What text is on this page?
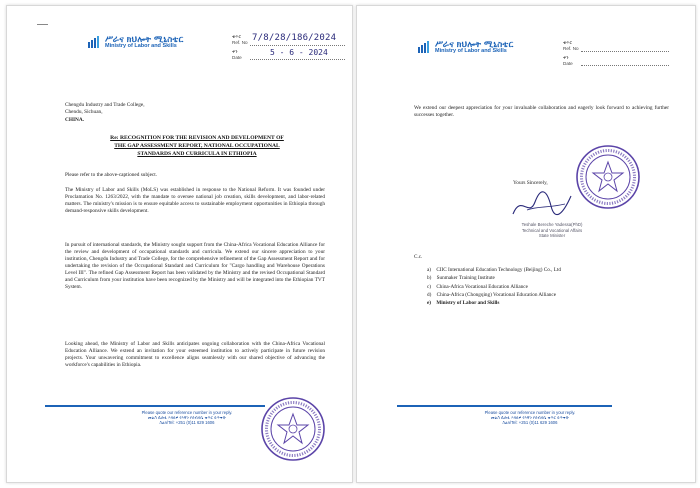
ሥራና ክህሎት ሚኒስቴር
Ministry of Labor and Skills
ቁጥር
Ref. No 7/8/28/186/2024
ቀን
Date
5 - 6 - 2024
Chengdu Industry and Trade College,
Chendu, Sichuan,
CHINA.
Re: RECOGNITION FOR THE REVISION AND DEVELOPMENT OF
THE GAP ASSESSMENT REPORT, NATIONAL OCCUPATIONAL
STANDARDS AND CURRICULA IN ETHIOPIA
Please refer to the above-captioned subject.
The Ministry of Labor and Skills (MoLS) was established in response to the National Reform. It was founded under Proclamation No. 1263/2022, with the mandate to oversee national job creation, skills development, and labor-related matters. The ministry's mission is to ensure equitable access to sustainable employment opportunities in Ethiopia through demand-responsive skills development.
In pursuit of international standards, the Ministry sought support from the China-Africa Vocational Education Alliance for the review and development of occupational standards and curricula. We extend our sincere appreciation to your institution, Chengdu Industry and Trade College, for the comprehensive refinement of the Gap Assessment Report and for undertaking the revision of the Occupational Standard and Curriculum for "Cargo handling and Warehouse Operations Level III". The refined Gap Assessment Report has been validated by the Ministry and the revised Occupational Standard and Curriculum from your institution have been recognized by the Ministry and will be integrated into the Ethiopian TVT System.
Looking ahead, the Ministry of Labor and Skills anticipates ongoing collaboration with the China-Africa Vocational Education Alliance. We extend an invitation for your esteemed institution to actively participate in future revision projects. Your unwavering commitment to excellence aligns seamlessly with our shared objective of advancing the workforce's capabilities in Ethiopia.
Please quote our reference number in your reply.
መልስ ሲጽፉ እባክዎ የእኛን የደብዳቤ ቁጥር ይጥቀሱ
ስልክ/Tel: +251 (0)11 629 1606
ሥራና ክህሎት ሚኒስቴር
Ministry of Labor and Skills
ቁጥር
Ref. No
ቀን
Date
We extend our deepest appreciation for your invaluable collaboration and eagerly look forward to achieving further successes together.
Yours Sincerely,
Teshale Bereche Yadessa(PhD)
Technical and Vocational Affairs
State Minister
C.c.
a) CIIC International Education Technology (Beijing) Co., Ltd
b) Sunmaker Training Institute
c) China-Africa Vocational Education Alliance
d) China-Africa (Chongqing) Vocational Education Alliance
e) Ministry of Labor and Skills
Please quote our reference number in your reply.
መልስ ሲጽፉ እባክዎ የእኛን የደብዳቤ ቁጥር ይጥቀሱ
ስልክ/Tel: +251 (0)11 629 1606
